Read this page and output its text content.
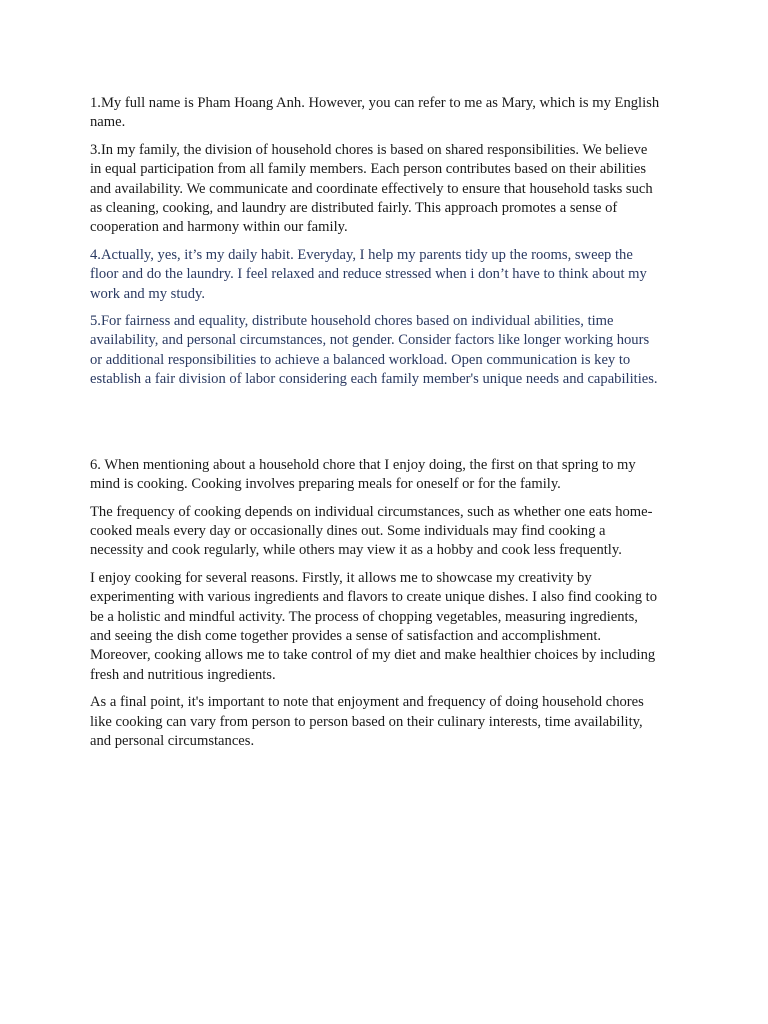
1.My full name is Pham Hoang Anh. However, you can refer to me as Mary, which is my English
name.

3.In my family, the division of household chores is based on shared responsibilities. We believe
in equal participation from all family members. Each person contributes based on their abilities
and availability. We communicate and coordinate effectively to ensure that household tasks such
as cleaning, cooking, and laundry are distributed fairly. This approach promotes a sense of
cooperation and harmony within our family.

4.Actually, yes, it’s my daily habit. Everyday, I help my parents tidy up the rooms, sweep the
floor and do the laundry. I feel relaxed and reduce stressed when i don’t have to think about my
work and my study.

5.For fairness and equality, distribute household chores based on individual abilities, time
availability, and personal circumstances, not gender. Consider factors like longer working hours
or additional responsibilities to achieve a balanced workload. Open communication is key to
establish a fair division of labor considering each family member's unique needs and capabilities.

6. When mentioning about a household chore that I enjoy doing, the first on that spring to my
mind is cooking. Cooking involves preparing meals for oneself or for the family.

The frequency of cooking depends on individual circumstances, such as whether one eats home-
cooked meals every day or occasionally dines out. Some individuals may find cooking a
necessity and cook regularly, while others may view it as a hobby and cook less frequently.

I enjoy cooking for several reasons. Firstly, it allows me to showcase my creativity by
experimenting with various ingredients and flavors to create unique dishes. I also find cooking to
be a holistic and mindful activity. The process of chopping vegetables, measuring ingredients,
and seeing the dish come together provides a sense of satisfaction and accomplishment.
Moreover, cooking allows me to take control of my diet and make healthier choices by including
fresh and nutritious ingredients.

As a final point, it's important to note that enjoyment and frequency of doing household chores
like cooking can vary from person to person based on their culinary interests, time availability,
and personal circumstances.
